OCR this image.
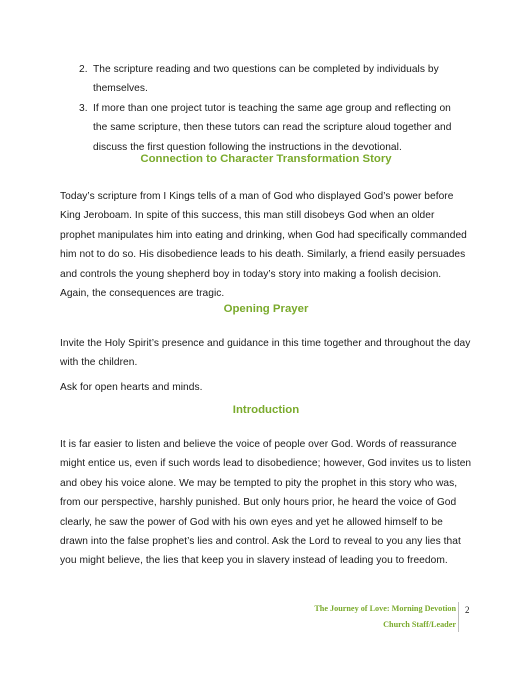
2. The scripture reading and two questions can be completed by individuals by themselves.
3. If more than one project tutor is teaching the same age group and reflecting on the same scripture, then these tutors can read the scripture aloud together and discuss the first question following the instructions in the devotional.
Connection to Character Transformation Story

Today’s scripture from I Kings tells of a man of God who displayed God’s power before King Jeroboam. In spite of this success, this man still disobeys God when an older prophet manipulates him into eating and drinking, when God had specifically commanded him not to do so. His disobedience leads to his death. Similarly, a friend easily persuades and controls the young shepherd boy in today’s story into making a foolish decision. Again, the consequences are tragic.

Opening Prayer

Invite the Holy Spirit’s presence and guidance in this time together and throughout the day with the children.

Ask for open hearts and minds.

Introduction

It is far easier to listen and believe the voice of people over God. Words of reassurance might entice us, even if such words lead to disobedience; however, God invites us to listen and obey his voice alone. We may be tempted to pity the prophet in this story who was, from our perspective, harshly punished. But only hours prior, he heard the voice of God clearly, he saw the power of God with his own eyes and yet he allowed himself to be drawn into the false prophet’s lies and control. Ask the Lord to reveal to you any lies that you might believe, the lies that keep you in slavery instead of leading you to freedom.

The Journey of Love: Morning Devotion
Church Staff/Leader
2
